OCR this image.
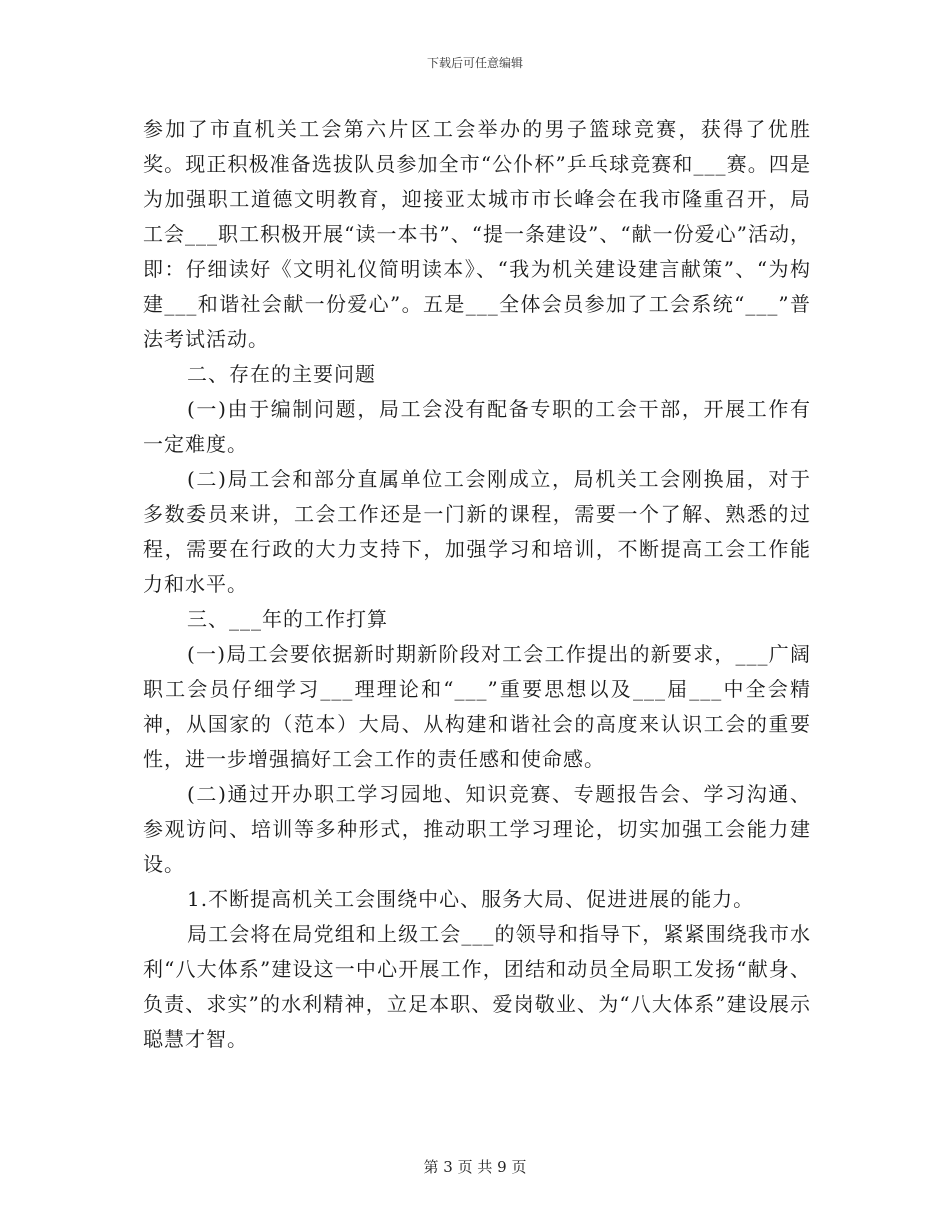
下载后可任意编辑

参加了市直机关工会第六片区工会举办的男子篮球竞赛，获得了优胜奖。现正积极准备选拔队员参加全市“公仆杯”乒乓球竞赛和___赛。四是为加强职工道德文明教育，迎接亚太城市市长峰会在我市隆重召开，局工会___职工积极开展“读一本书”、“提一条建设”、“献一份爱心”活动，即：仔细读好《文明礼仪简明读本》、“我为机关建设建言献策”、“为构建___和谐社会献一份爱心”。五是___全体会员参加了工会系统“___”普法考试活动。

二、存在的主要问题

(一)由于编制问题，局工会没有配备专职的工会干部，开展工作有一定难度。

(二)局工会和部分直属单位工会刚成立，局机关工会刚换届，对于多数委员来讲，工会工作还是一门新的课程，需要一个了解、熟悉的过程，需要在行政的大力支持下，加强学习和培训，不断提高工会工作能力和水平。

三、___年的工作打算

(一)局工会要依据新时期新阶段对工会工作提出的新要求，___广阔职工会员仔细学习___理理论和“___”重要思想以及___届___中全会精神，从国家的（范本）大局、从构建和谐社会的高度来认识工会的重要性，进一步增强搞好工会工作的责任感和使命感。

(二)通过开办职工学习园地、知识竞赛、专题报告会、学习沟通、参观访问、培训等多种形式，推动职工学习理论，切实加强工会能力建设。

1.不断提高机关工会围绕中心、服务大局、促进进展的能力。

局工会将在局党组和上级工会___的领导和指导下，紧紧围绕我市水利“八大体系”建设这一中心开展工作，团结和动员全局职工发扬“献身、负责、求实”的水利精神，立足本职、爱岗敬业、为“八大体系”建设展示聪慧才智。

第 3 页 共 9 页
